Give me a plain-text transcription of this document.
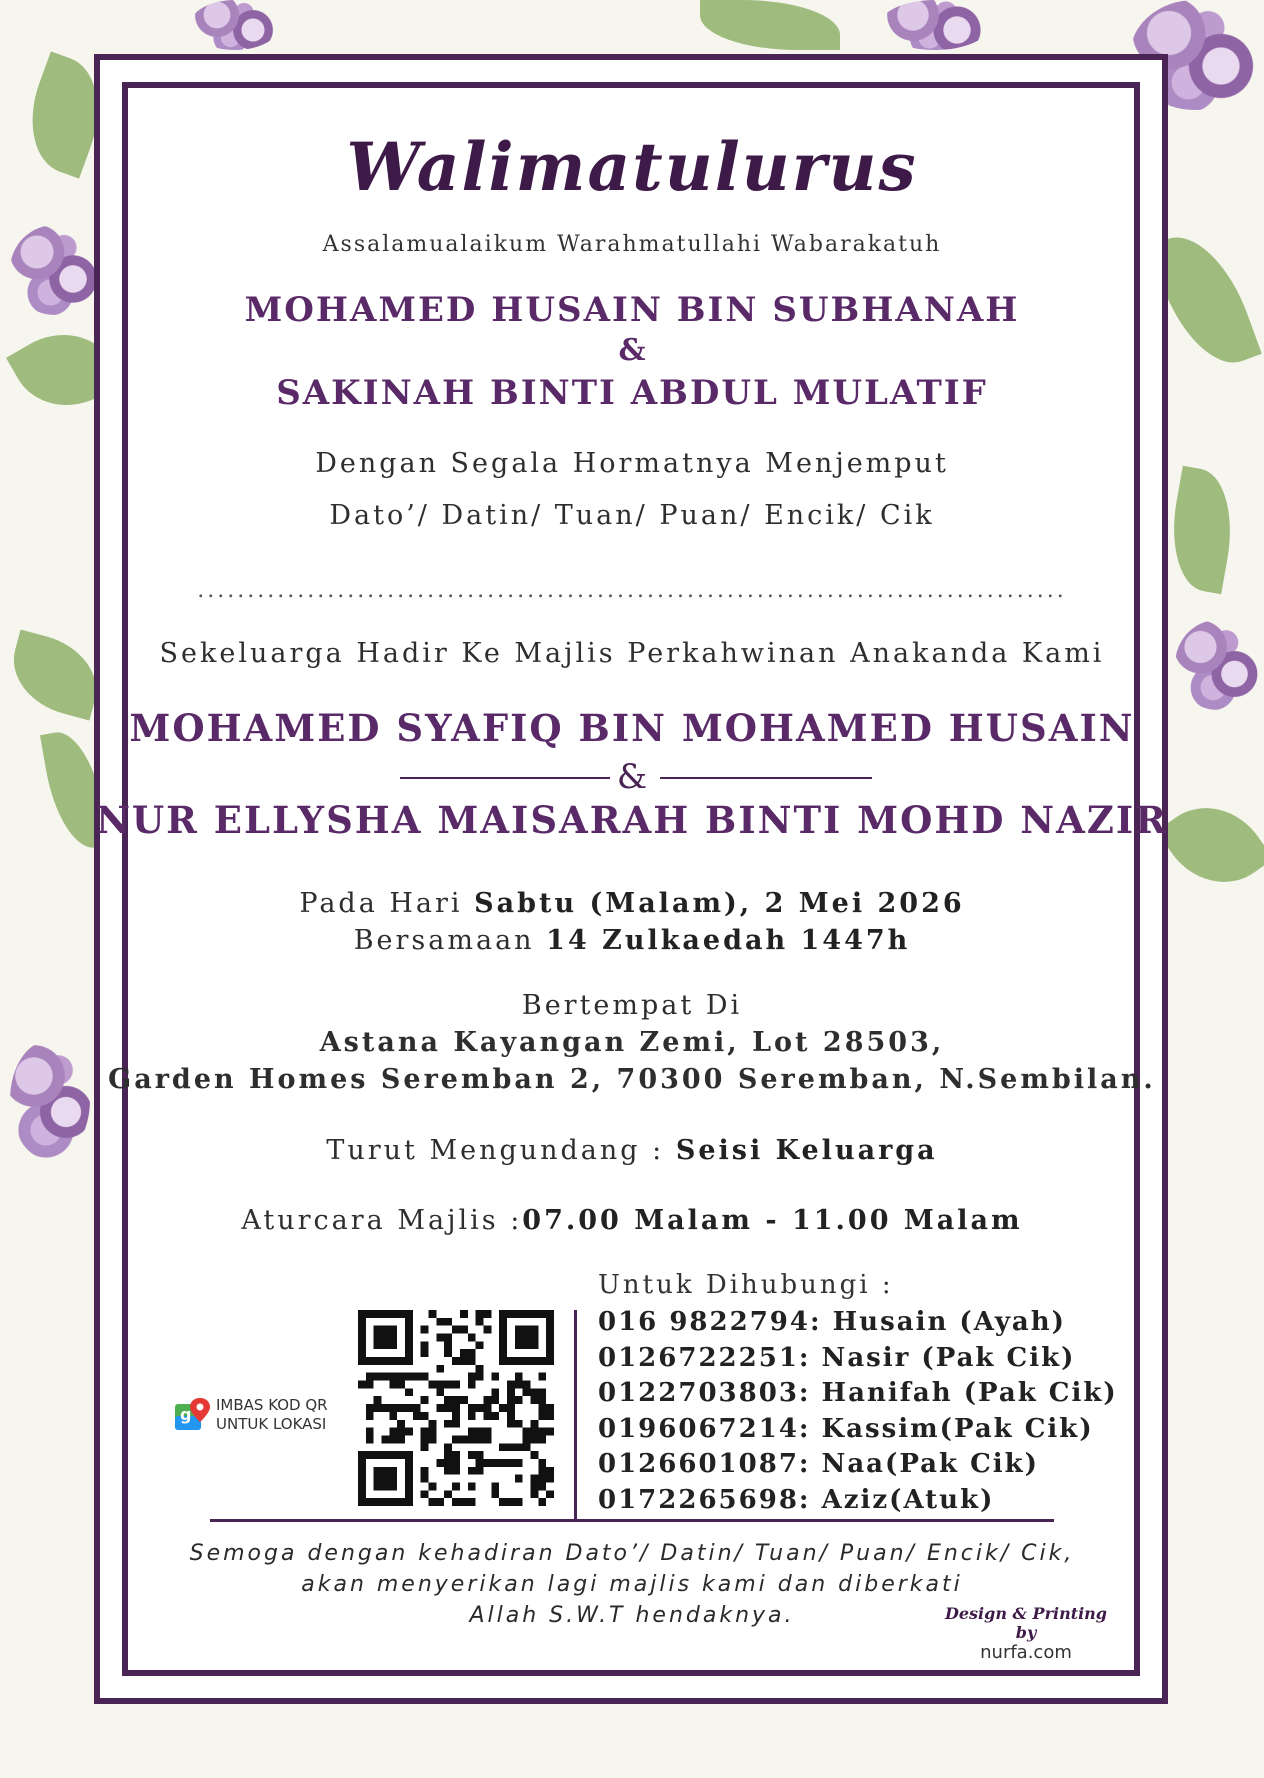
Walimatulurus

Assalamualaikum Warahmatullahi Wabarakatuh

MOHAMED HUSAIN BIN SUBHANAH

&

SAKINAH BINTI ABDUL MULATIF

Dengan Segala Hormatnya Menjemput

Dato’/ Datin/ Tuan/ Puan/ Encik/ Cik

.......................................................................................

Sekeluarga Hadir Ke Majlis Perkahwinan Anakanda Kami

MOHAMED SYAFIQ BIN MOHAMED HUSAIN

&

NUR ELLYSHA MAISARAH BINTI MOHD NAZIR

Pada Hari Sabtu (Malam), 2 Mei 2026

Bersamaan 14 Zulkaedah 1447h

Bertempat Di

Astana Kayangan Zemi, Lot 28503,

Garden Homes Seremban 2, 70300 Seremban, N.Sembilan.

Turut Mengundang : Seisi Keluarga

Aturcara Majlis :07.00 Malam - 11.00 Malam

g IMBAS KOD QR
UNTUK LOKASI

Untuk Dihubungi :

016 9822794: Husain (Ayah)
0126722251: Nasir (Pak Cik)
0122703803: Hanifah (Pak Cik)
0196067214: Kassim(Pak Cik)
0126601087: Naa(Pak Cik)
0172265698: Aziz(Atuk)

Semoga dengan kehadiran Dato’/ Datin/ Tuan/ Puan/ Encik/ Cik,

akan menyerikan lagi majlis kami dan diberkati

Allah S.W.T hendaknya.	Design & Printing by
nurfa.com
